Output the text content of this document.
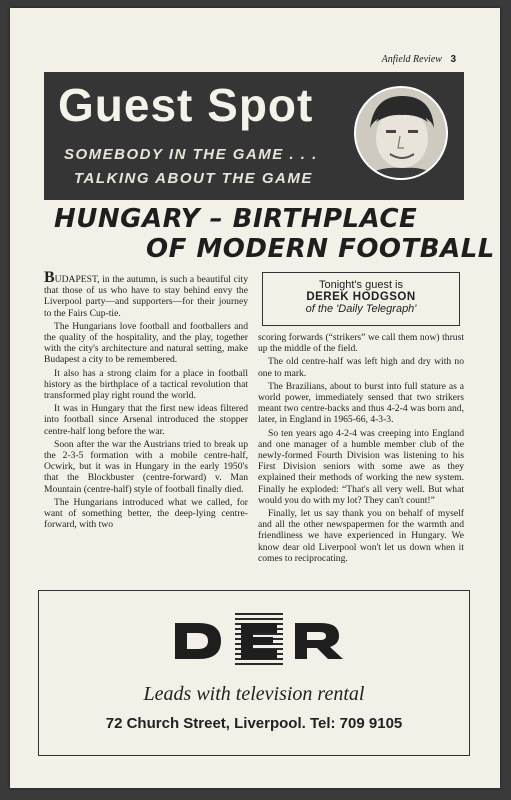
Anfield Review 3
Guest Spot
SOMEBODY IN THE GAME . . .
TALKING ABOUT THE GAME
HUNGARY – BIRTHPLACE
OF MODERN FOOTBALL

BUDAPEST, in the autumn, is such a beautiful city that those of us who have to stay behind envy the Liverpool party—and supporters—for their journey to the Fairs Cup-tie.

The Hungarians love football and footballers and the quality of the hospitality, and the play, together with the city's architecture and natural setting, make Budapest a city to be remembered.

It also has a strong claim for a place in football history as the birthplace of a tactical revolution that transformed play right round the world.

It was in Hungary that the first new ideas filtered into football since Arsenal introduced the stopper centre-half long before the war.

Soon after the war the Austrians tried to break up the 2-3-5 formation with a mobile centre-half, Ocwirk, but it was in Hungary in the early 1950's that the Blockbuster (centre-forward) v. Man Mountain (centre-half) style of football finally died.

The Hungarians introduced what we called, for want of something better, the deep-lying centre-forward, with two

Tonight's guest is
DEREK HODGSON
of the 'Daily Telegraph'

scoring forwards (“strikers” we call them now) thrust up the middle of the field.

The old centre-half was left high and dry with no one to mark.

The Brazilians, about to burst into full stature as a world power, immediately sensed that two strikers meant two centre-backs and thus 4-2-4 was born and, later, in England in 1965-66, 4-3-3.

So ten years ago 4-2-4 was creeping into England and one manager of a humble member club of the newly-formed Fourth Division was listening to his First Division seniors with some awe as they explained their methods of working the new system. Finally he exploded: “That's all very well. But what would you do with my lot? They can't count!”

Finally, let us say thank you on behalf of myself and all the other newspapermen for the warmth and friendliness we have experienced in Hungary. We know dear old Liverpool won't let us down when it comes to reciprocating.

Leads with television rental
72 Church Street, Liverpool. Tel: 709 9105
